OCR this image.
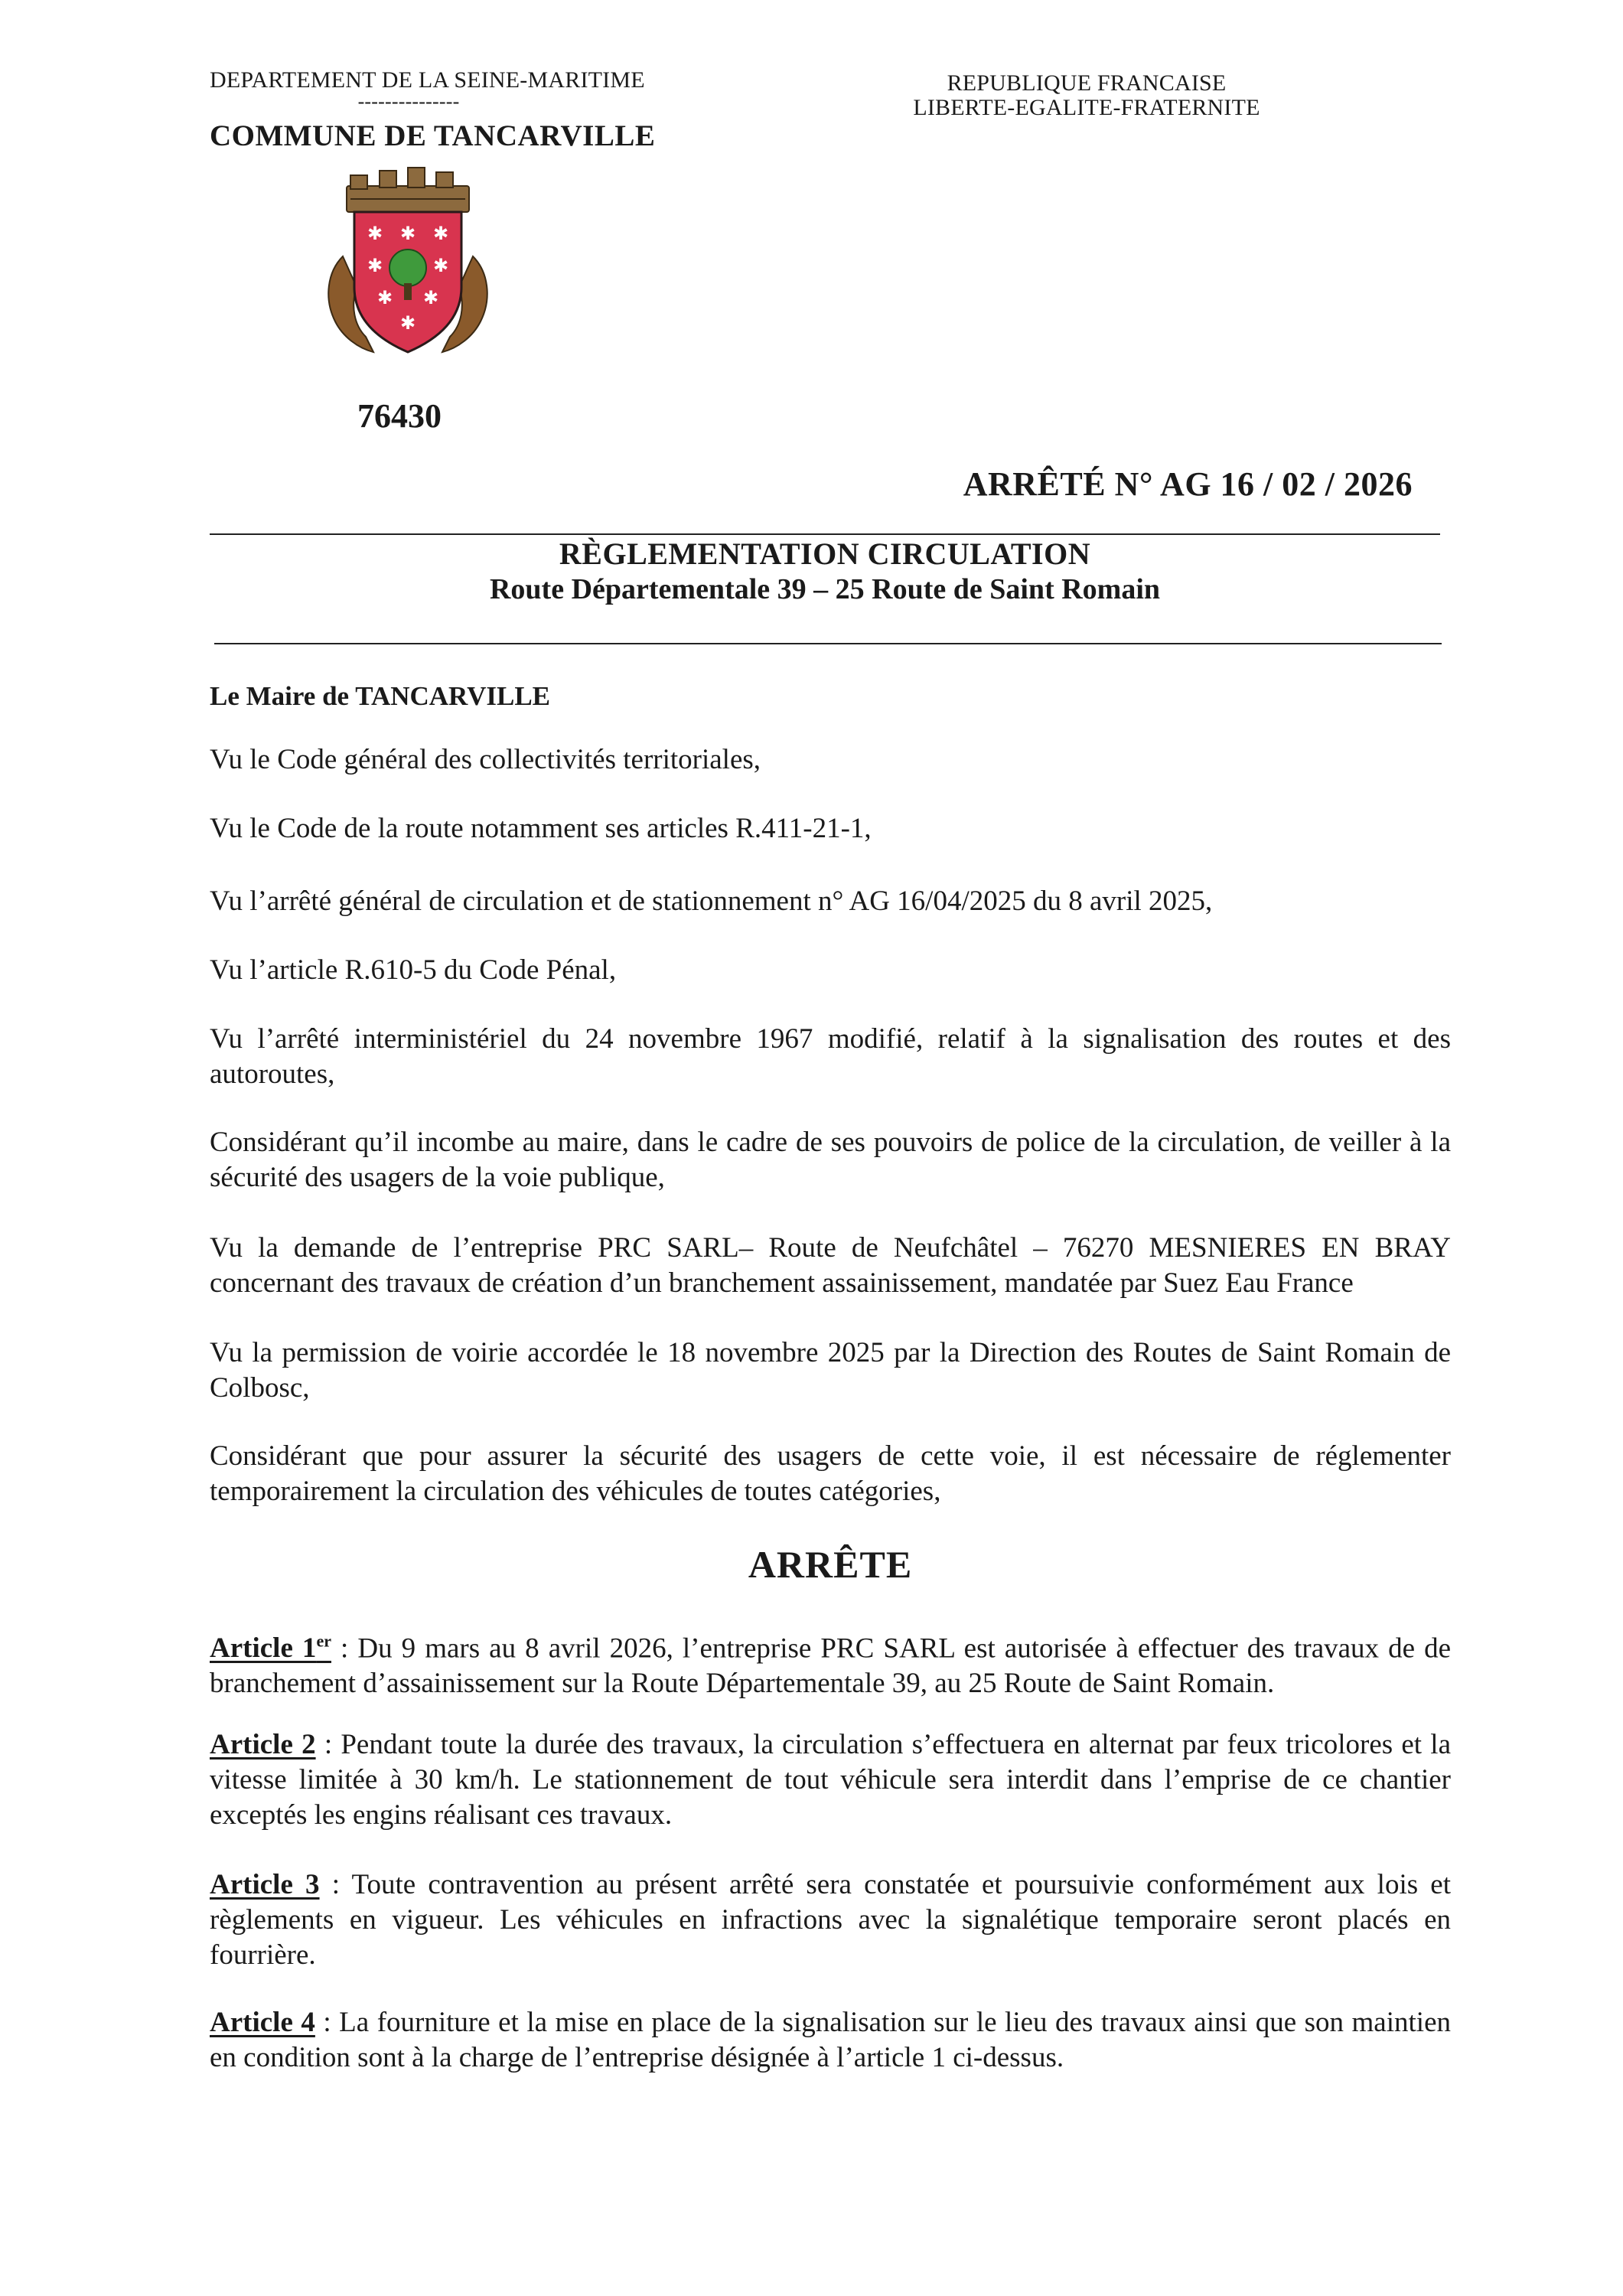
DEPARTEMENT DE LA SEINE-MARITIME
---------------
COMMUNE DE TANCARVILLE
REPUBLIQUE FRANCAISE
LIBERTE-EGALITE-FRATERNITE
✱ ✱ ✱
✱	✱
✱ ✱
✱
76430
ARRÊTÉ N° AG 16 / 02 / 2026
RÈGLEMENTATION CIRCULATION
Route Départementale 39 – 25 Route de Saint Romain
Le Maire de TANCARVILLE
Vu le Code général des collectivités territoriales,
Vu le Code de la route notamment ses articles R.411-21-1,
Vu l’arrêté général de circulation et de stationnement n° AG 16/04/2025 du 8 avril 2025,
Vu l’article R.610-5 du Code Pénal,
Vu l’arrêté interministériel du 24 novembre 1967 modifié, relatif à la signalisation des routes et des autoroutes,
Considérant qu’il incombe au maire, dans le cadre de ses pouvoirs de police de la circulation, de veiller à la sécurité des usagers de la voie publique,
Vu la demande de l’entreprise PRC SARL– Route de Neufchâtel – 76270 MESNIERES EN BRAY concernant des travaux de création d’un branchement assainissement, mandatée par Suez Eau France
Vu la permission de voirie accordée le 18 novembre 2025 par la Direction des Routes de Saint Romain de Colbosc,
Considérant que pour assurer la sécurité des usagers de cette voie, il est nécessaire de réglementer temporairement la circulation des véhicules de toutes catégories,
ARRÊTE
Article 1er : Du 9 mars au 8 avril 2026, l’entreprise PRC SARL est autorisée à effectuer des travaux de de branchement d’assainissement sur la Route Départementale 39, au 25 Route de Saint Romain.
Article 2 : Pendant toute la durée des travaux, la circulation s’effectuera en alternat par feux tricolores et la vitesse limitée à 30 km/h. Le stationnement de tout véhicule sera interdit dans l’emprise de ce chantier exceptés les engins réalisant ces travaux.
Article 3 : Toute contravention au présent arrêté sera constatée et poursuivie conformément aux lois et règlements en vigueur. Les véhicules en infractions avec la signalétique temporaire seront placés en fourrière.
Article 4 : La fourniture et la mise en place de la signalisation sur le lieu des travaux ainsi que son maintien en condition sont à la charge de l’entreprise désignée à l’article 1 ci-dessus.
